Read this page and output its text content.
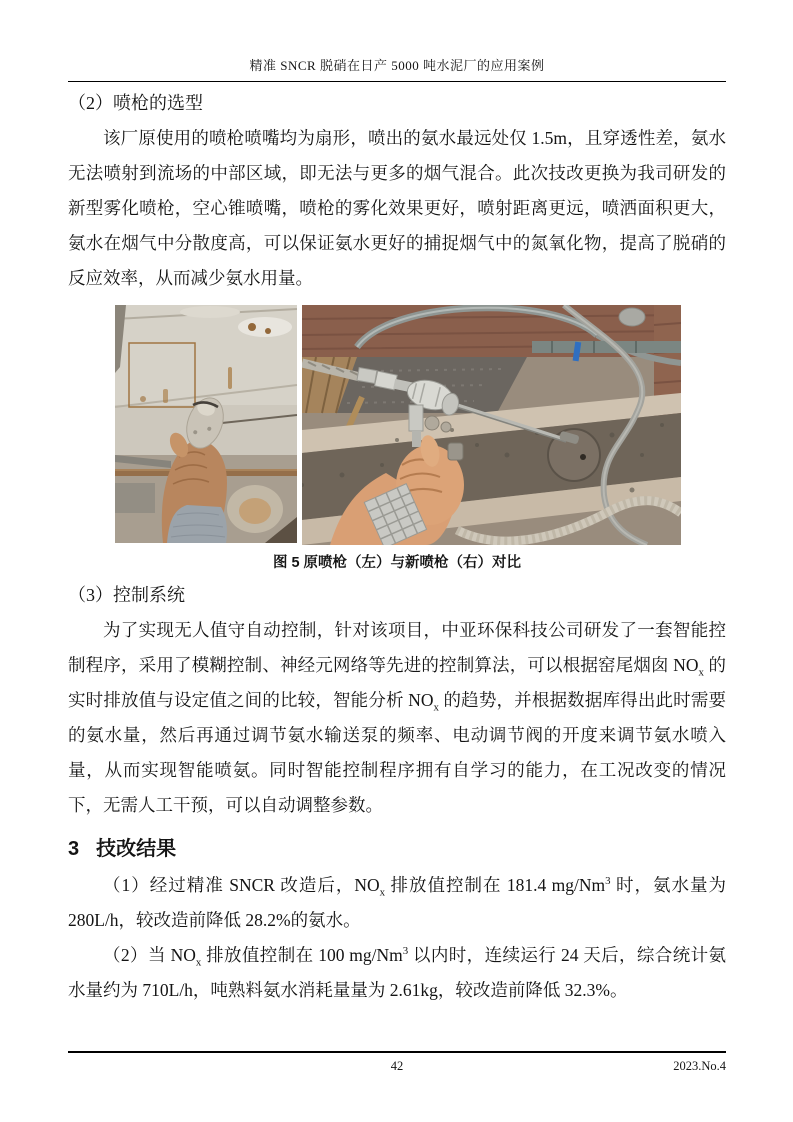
精准 SNCR 脱硝在日产 5000 吨水泥厂的应用案例
（2）喷枪的选型
该厂原使用的喷枪喷嘴均为扇形，喷出的氨水最远处仅 1.5m，且穿透性差，氨水无法喷射到流场的中部区域，即无法与更多的烟气混合。此次技改更换为我司研发的新型雾化喷枪，空心锥喷嘴，喷枪的雾化效果更好，喷射距离更远，喷洒面积更大，氨水在烟气中分散度高，可以保证氨水更好的捕捉烟气中的氮氧化物，提高了脱硝的反应效率，从而减少氨水用量。
图 5 原喷枪（左）与新喷枪（右）对比
（3）控制系统
为了实现无人值守自动控制，针对该项目，中亚环保科技公司研发了一套智能控制程序，采用了模糊控制、神经元网络等先进的控制算法，可以根据窑尾烟囱 $NO_x$ 的实时排放值与设定值之间的比较，智能分析 $NO_x$ 的趋势，并根据数据库得出此时需要的氨水量，然后再通过调节氨水输送泵的频率、电动调节阀的开度来调节氨水喷入量，从而实现智能喷氨。同时智能控制程序拥有自学习的能力，在工况改变的情况下，无需人工干预，可以自动调整参数。
3 技改结果
（1）经过精准 SNCR 改造后，$NO_x$ 排放值控制在 181.4 mg/Nm$^3$ 时，氨水量为 280L/h，较改造前降低 28.2%的氨水。
（2）当 $NO_x$ 排放值控制在 100 mg/Nm$^3$ 以内时，连续运行 24 天后，综合统计氨水量约为 710L/h，吨熟料氨水消耗量量为 2.61kg，较改造前降低 32.3%。
42	2023.No.4
